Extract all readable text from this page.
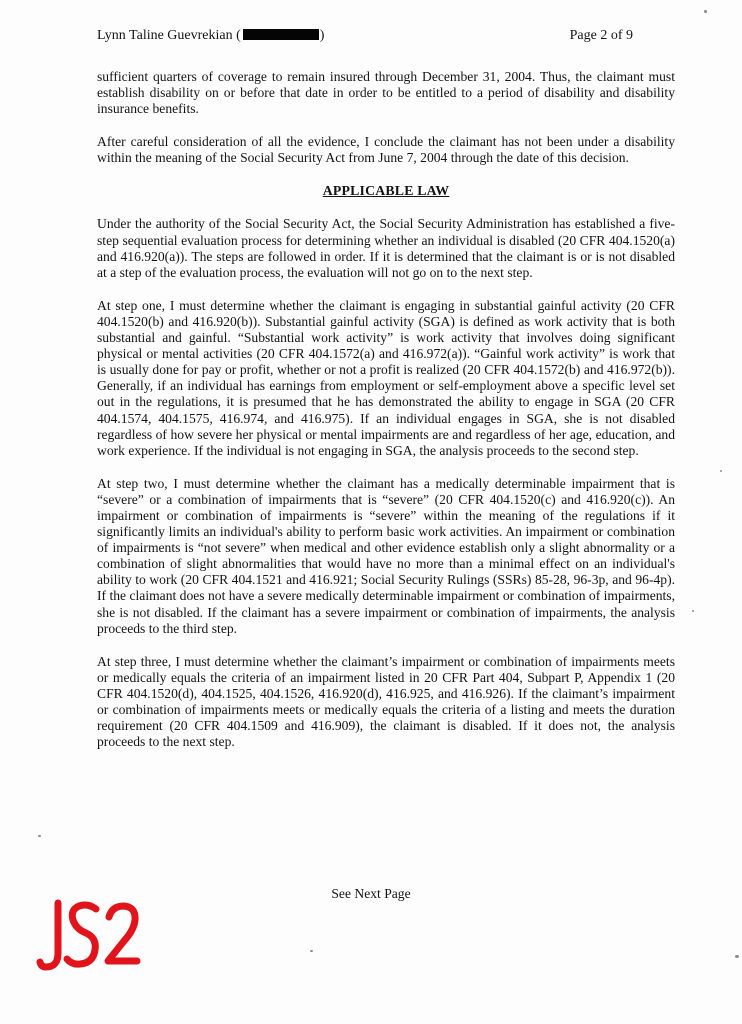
Lynn Taline Guevrekian (	)	Page 2 of 9

sufficient quarters of coverage to remain insured through December 31, 2004. Thus, the claimant must establish disability on or before that date in order to be entitled to a period of disability and disability insurance benefits.

After careful consideration of all the evidence, I conclude the claimant has not been under a disability within the meaning of the Social Security Act from June 7, 2004 through the date of this decision.

APPLICABLE LAW

Under the authority of the Social Security Act, the Social Security Administration has established a five-step sequential evaluation process for determining whether an individual is disabled (20 CFR 404.1520(a) and 416.920(a)). The steps are followed in order. If it is determined that the claimant is or is not disabled at a step of the evaluation process, the evaluation will not go on to the next step.

At step one, I must determine whether the claimant is engaging in substantial gainful activity (20 CFR 404.1520(b) and 416.920(b)). Substantial gainful activity (SGA) is defined as work activity that is both substantial and gainful. “Substantial work activity” is work activity that involves doing significant physical or mental activities (20 CFR 404.1572(a) and 416.972(a)). “Gainful work activity” is work that is usually done for pay or profit, whether or not a profit is realized (20 CFR 404.1572(b) and 416.972(b)). Generally, if an individual has earnings from employment or self-employment above a specific level set out in the regulations, it is presumed that he has demonstrated the ability to engage in SGA (20 CFR 404.1574, 404.1575, 416.974, and 416.975). If an individual engages in SGA, she is not disabled regardless of how severe her physical or mental impairments are and regardless of her age, education, and work experience. If the individual is not engaging in SGA, the analysis proceeds to the second step.

At step two, I must determine whether the claimant has a medically determinable impairment that is “severe” or a combination of impairments that is “severe” (20 CFR 404.1520(c) and 416.920(c)). An impairment or combination of impairments is “severe” within the meaning of the regulations if it significantly limits an individual's ability to perform basic work activities. An impairment or combination of impairments is “not severe” when medical and other evidence establish only a slight abnormality or a combination of slight abnormalities that would have no more than a minimal effect on an individual's ability to work (20 CFR 404.1521 and 416.921; Social Security Rulings (SSRs) 85-28, 96-3p, and 96-4p). If the claimant does not have a severe medically determinable impairment or combination of impairments, she is not disabled. If the claimant has a severe impairment or combination of impairments, the analysis proceeds to the third step.

At step three, I must determine whether the claimant’s impairment or combination of impairments meets or medically equals the criteria of an impairment listed in 20 CFR Part 404, Subpart P, Appendix 1 (20 CFR 404.1520(d), 404.1525, 404.1526, 416.920(d), 416.925, and 416.926). If the claimant’s impairment or combination of impairments meets or medically equals the criteria of a listing and meets the duration requirement (20 CFR 404.1509 and 416.909), the claimant is disabled. If it does not, the analysis proceeds to the next step.

See Next Page
